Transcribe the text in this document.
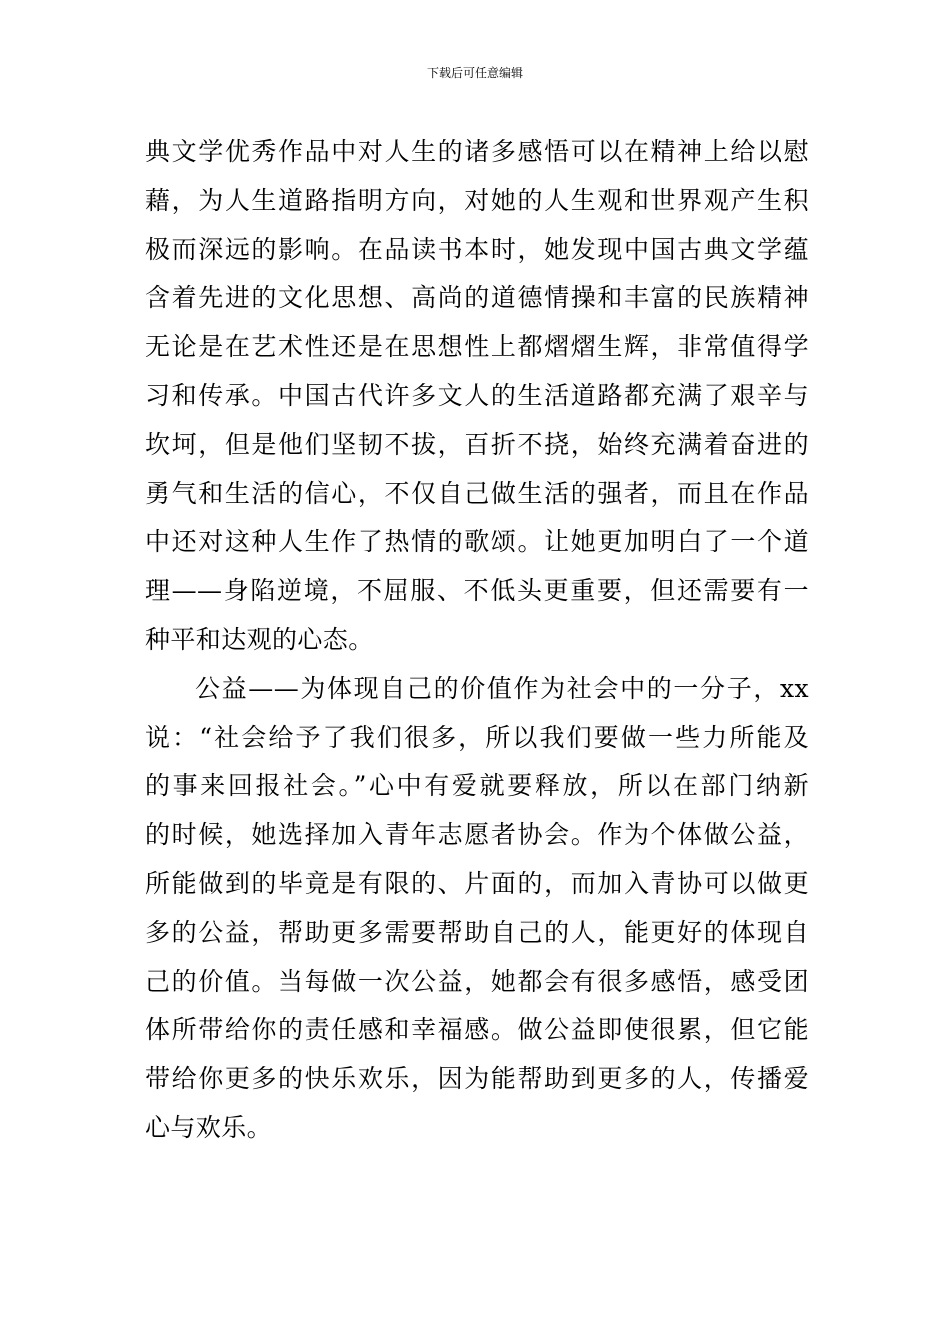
下载后可任意编辑
典文学优秀作品中对人生的诸多感悟可以在精神上给以慰
藉，为人生道路指明方向，对她的人生观和世界观产生积
极而深远的影响。在品读书本时，她发现中国古典文学蕴
含着先进的文化思想、高尚的道德情操和丰富的民族精神
无论是在艺术性还是在思想性上都熠熠生辉，非常值得学
习和传承。中国古代许多文人的生活道路都充满了艰辛与
坎坷，但是他们坚韧不拔，百折不挠，始终充满着奋进的
勇气和生活的信心，不仅自己做生活的强者，而且在作品
中还对这种人生作了热情的歌颂。让她更加明白了一个道
理——身陷逆境，不屈服、不低头更重要，但还需要有一
种平和达观的心态。
公益——为体现自己的价值作为社会中的一分子，xx
说：“社会给予了我们很多，所以我们要做一些力所能及
的事来回报社会。”心中有爱就要释放，所以在部门纳新
的时候，她选择加入青年志愿者协会。作为个体做公益，
所能做到的毕竟是有限的、片面的，而加入青协可以做更
多的公益，帮助更多需要帮助自己的人，能更好的体现自
己的价值。当每做一次公益，她都会有很多感悟，感受团
体所带给你的责任感和幸福感。做公益即使很累，但它能
带给你更多的快乐欢乐，因为能帮助到更多的人，传播爱
心与欢乐。
